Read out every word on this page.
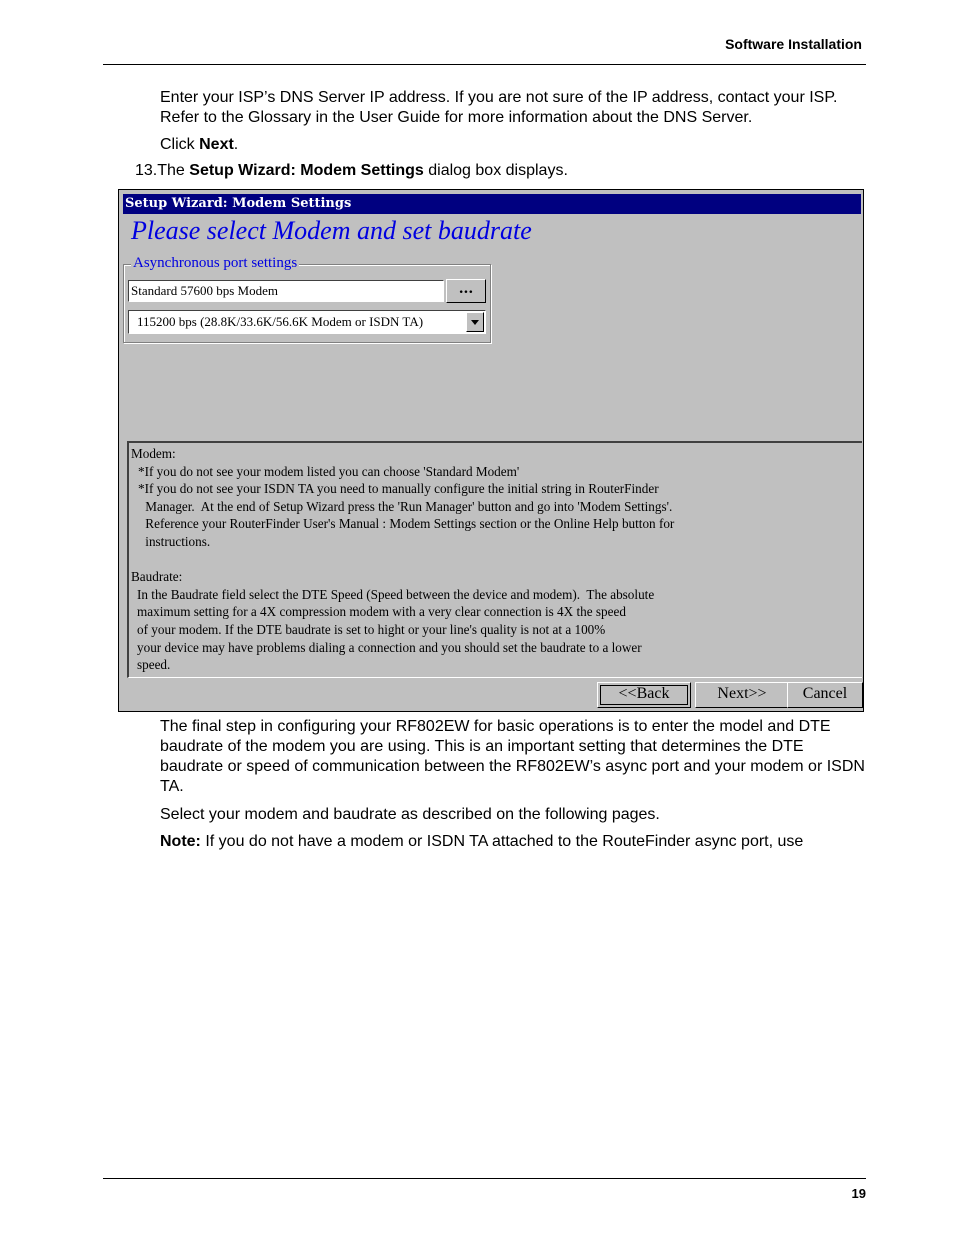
Software Installation
Enter your ISP’s DNS Server IP address. If you are not sure of the IP address, contact your ISP. Refer to the Glossary in the User Guide for more information about the DNS Server.
Click Next.
13.The Setup Wizard: Modem Settings dialog box displays.
Setup Wizard: Modem Settings
Please select Modem and set baudrate
Asynchronous port settings
Standard 57600 bps Modem	...
115200 bps (28.8K/33.6K/56.6K Modem or ISDN TA)
Modem:
*If you do not see your modem listed you can choose 'Standard Modem'
*If you do not see your ISDN TA you need to manually configure the initial string in RouterFinder
Manager.  At the end of Setup Wizard press the 'Run Manager' button and go into 'Modem Settings'.
Reference your RouterFinder User's Manual : Modem Settings section or the Online Help button for
instructions.
Baudrate:
In the Baudrate field select the DTE Speed (Speed between the device and modem).  The absolute
maximum setting for a 4X compression modem with a very clear connection is 4X the speed
of your modem. If the DTE baudrate is set to hight or your line's quality is not at a 100%
your device may have problems dialing a connection and you should set the baudrate to a lower
speed.
<<Back	Next>>	Cancel
The final step in configuring your RF802EW for basic operations is to enter the model and DTE baudrate of the modem you are using. This is an important setting that determines the DTE baudrate or speed of communication between the RF802EW’s async port and your modem or ISDN TA.
Select your modem and baudrate as described on the following pages.
Note: If you do not have a modem or ISDN TA attached to the RouteFinder async port, use
19
